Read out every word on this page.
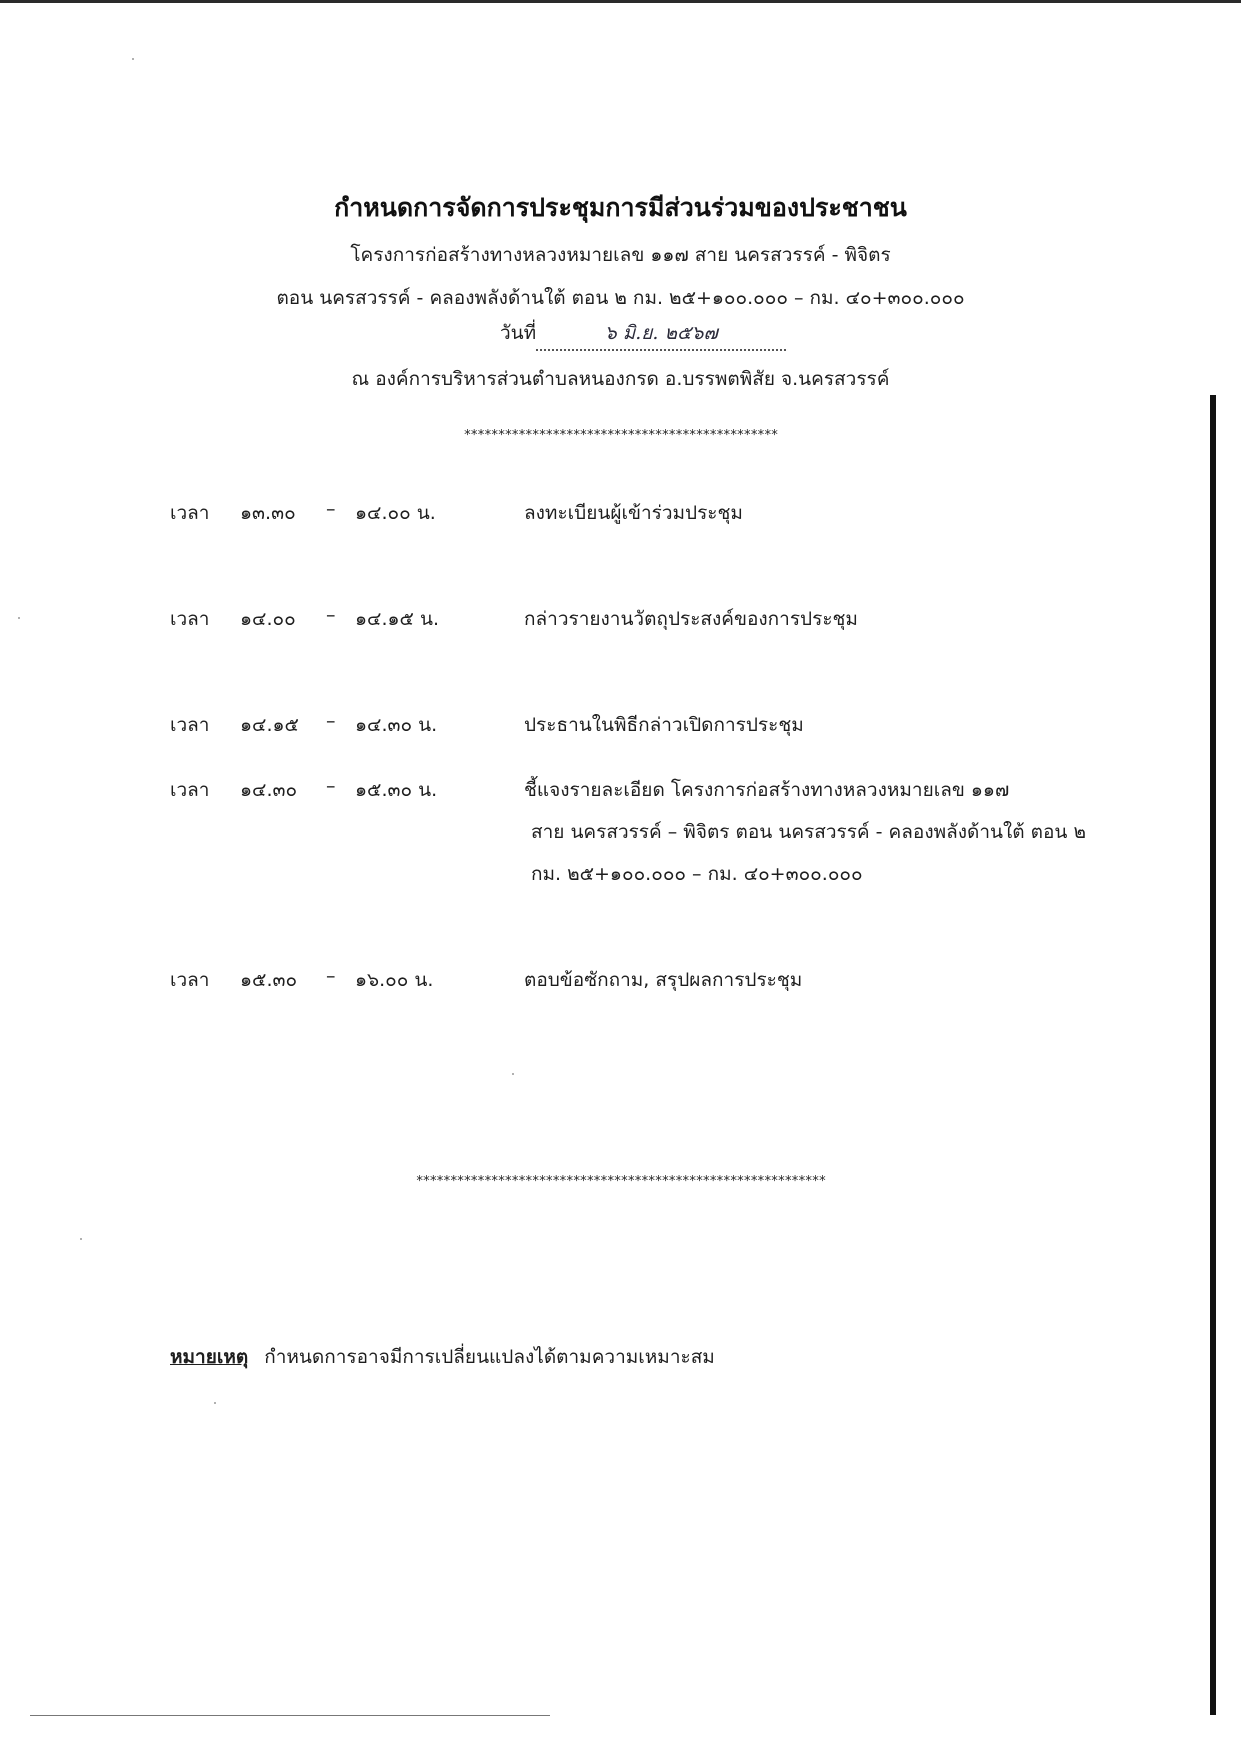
กำหนดการจัดการประชุมการมีส่วนร่วมของประชาชน
โครงการก่อสร้างทางหลวงหมายเลข ๑๑๗ สาย นครสวรรค์ - พิจิตร
ตอน นครสวรรค์ - คลองพลังด้านใต้ ตอน ๒ กม. ๒๕+๑๐๐.๐๐๐ – กม. ๔๐+๓๐๐.๐๐๐
วันที่	๖ มิ.ย. ๒๕๖๗
ณ องค์การบริหารส่วนตำบลหนองกรด อ.บรรพตพิสัย จ.นครสวรรค์
**********************************************
เวลา ๑๓.๓๐ – ๑๔.๐๐ น.	ลงทะเบียนผู้เข้าร่วมประชุม
เวลา ๑๔.๐๐ – ๑๔.๑๕ น.	กล่าวรายงานวัตถุประสงค์ของการประชุม
เวลา ๑๔.๑๕ – ๑๔.๓๐ น.	ประธานในพิธีกล่าวเปิดการประชุม
เวลา ๑๔.๓๐ – ๑๕.๓๐ น.	ชี้แจงรายละเอียด โครงการก่อสร้างทางหลวงหมายเลข ๑๑๗
สาย นครสวรรค์ – พิจิตร ตอน นครสวรรค์ - คลองพลังด้านใต้ ตอน ๒
กม. ๒๕+๑๐๐.๐๐๐ – กม. ๔๐+๓๐๐.๐๐๐
เวลา ๑๕.๓๐ – ๑๖.๐๐ น.	ตอบข้อซักถาม, สรุปผลการประชุม
************************************************************
หมายเหตุ กำหนดการอาจมีการเปลี่ยนแปลงได้ตามความเหมาะสม
